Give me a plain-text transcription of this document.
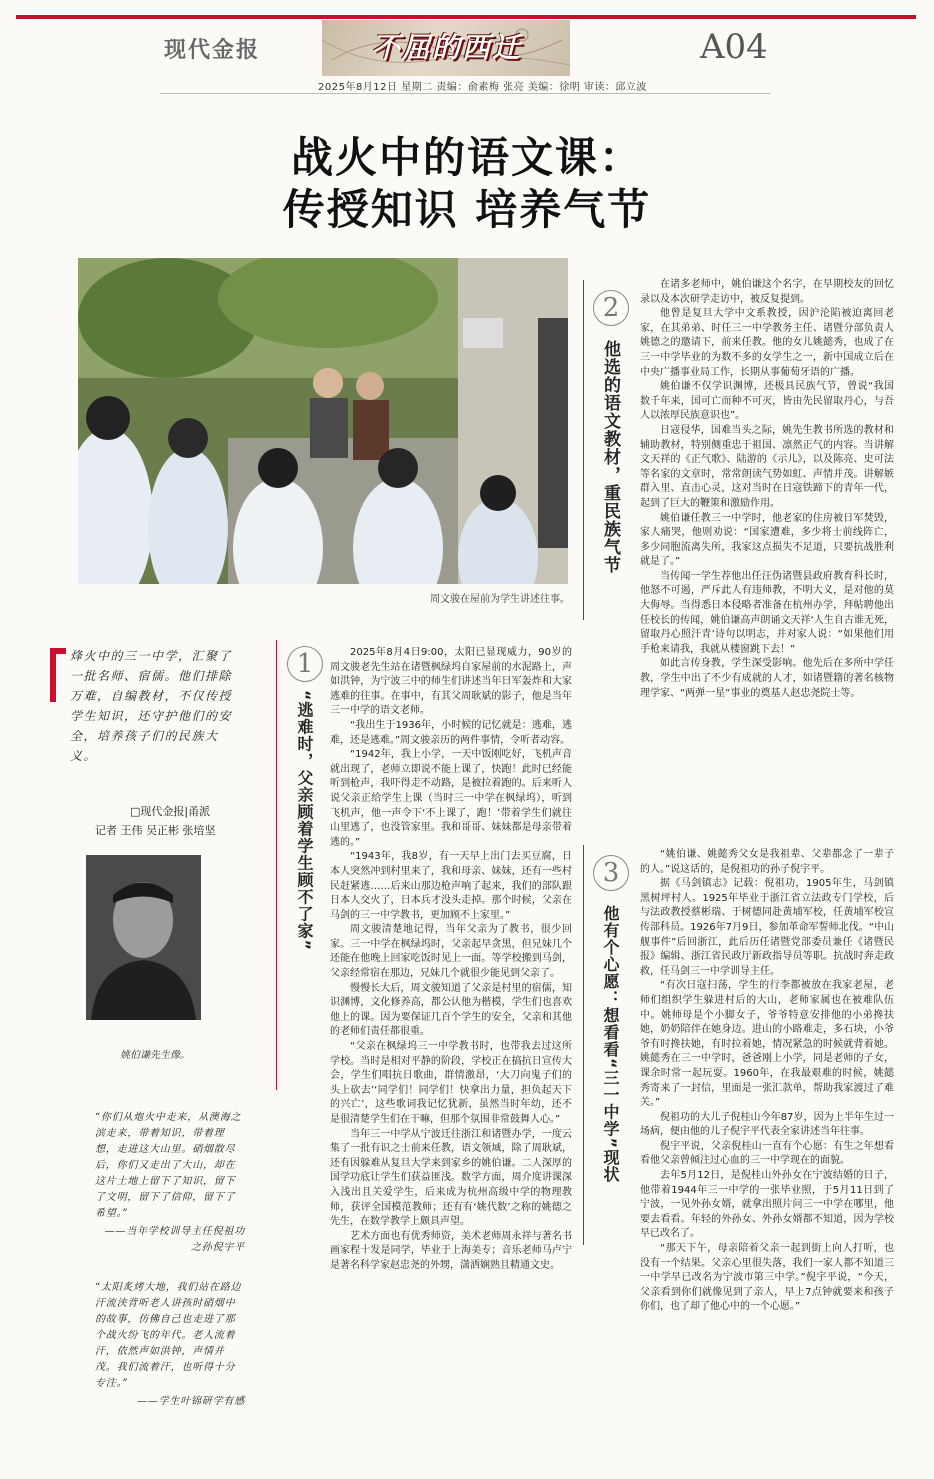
现代金报	不屈的西迁	A04
2025年8月12日 星期二 责编：俞素梅 张亮 美编：徐明 审读：邱立波
战火中的语文课：
传授知识 培养气节
周文骏在屋前为学生讲述往事。
烽火中的三一中学，汇聚了一批名师、宿儒。他们排除万难，自编教材，不仅传授学生知识，还守护他们的安全，培养孩子们的民族大义。
□现代金报|甬派
记者 王伟 吴正彬 张培坚
姚伯谦先生像。

“你们从炮火中走来，从澳海之滨走来，带着知识，带着理想，走进这大山里。硝烟散尽后，你们又走出了大山，却在这片土地上留下了知识，留下了文明，留下了信仰，留下了希望。”

——当年学校训导主任倪祖功之孙倪宇平

“太阳炙烤大地，我们站在路边汗流浃背听老人讲孩时硝烟中的故事，仿佛自己也走进了那个战火纷飞的年代。老人流着汗，依然声如洪钟，声情并茂。我们流着汗，也听得十分专注。”

——学生叶锦研学有感

1
“逃难时，父亲顾着学生顾不了家”

2025年8月4日9:00，太阳已显现威力，90岁的周文骏老先生站在诸暨枫绿坞自家屋前的水泥路上，声如洪钟，为宁波三中的师生们讲述当年日军轰炸和大家逃难的往事。在事中，有其父周耿斌的影子，他是当年三一中学的语文老师。

“我出生于1936年，小时候的记忆就是：逃难，逃难，还是逃难。”周文骏亲历的两件事情，令听者动容。

“1942年，我上小学，一天中饭刚吃好，飞机声音就出现了，老师立即说不能上课了，快跑！此时已经能听到枪声，我吓得走不动路，是被拉着跑的。后来听人说父亲正给学生上课（当时三一中学在枫绿坞），听到飞机声，他一声令下‘不上课了，跑！’带着学生们就往山里逃了，也没管家里。我和哥哥、妹妹都是母亲带着逃的。”

“1943年，我8岁，有一天早上出门去买豆腐，日本人突然冲到村里来了，我和母亲、妹妹，还有一些村民赶紧逃……后来山那边枪声响了起来，我们的部队跟日本人交火了，日本兵才没头走掉。那个时候，父亲在马剑的三一中学教书，更加顾不上家里。”

周文骏清楚地记得，当年父亲为了教书，很少回家。三一中学在枫绿坞时，父亲起早贪黑，但兄妹几个还能在他晚上回家吃饭时见上一面。等学校搬到马剑，父亲经常宿在那边，兄妹几个就很少能见到父亲了。

慢慢长大后，周文骏知道了父亲是村里的宿儒，知识渊博，文化修养高，都公认他为楷模，学生们也喜欢他上的课。因为要保证几百个学生的安全，父亲和其他的老师们责任都很重。

“父亲在枫绿坞三一中学教书时，也带我去过这所学校。当时是相对平静的阶段，学校正在搞抗日宣传大会，学生们唱抗日歌曲，群情激昂，‘大刀向鬼子们的头上砍去’‘同学们！同学们！快拿出力量，担负起天下的兴亡’，这些歌词我记忆犹新，虽然当时年幼，还不是很清楚学生们在干嘛，但那个氛围非常鼓舞人心。”

当年三一中学从宁波迁往浙江和诸暨办学，一度云集了一批有识之士前来任教，语文领域，除了周耿斌，还有因躲难从复旦大学来到家乡的姚伯谦。二人深厚的国学功底让学生们获益匪浅。数学方面，周介度讲课深入浅出且关爱学生，后来成为杭州高级中学的物理教师，获评全国模范教师；还有有‘姚代数’之称的姚德之先生，在数学教学上颇具声望。

艺术方面也有优秀师资，美术老师周永祥与著名书画家程十发是同学，毕业于上海美专；音乐老师马卢宁是著名科学家赵忠尧的外甥，潇洒娴熟且精通文史。

2
他选的语文教材，重民族气节

在诸多老师中，姚伯谦这个名字，在早期校友的回忆录以及本次研学走访中，被反复提到。

他曾是复旦大学中文系教授，因沪沦陷被迫离回老家，在其弟弟、时任三一中学教务主任、诸暨分部负责人姚德之的邀请下，前来任教。他的女儿姚懿秀，也成了在三一中学毕业的为数不多的女学生之一，新中国成立后在中央广播事业局工作，长期从事葡萄牙语的广播。

姚伯谦不仅学识渊博，还极具民族气节，曾说“我国数千年来，国可亡而种不可灭，皆由先民留取丹心，与吾人以浓厚民族意识也”。

日寇侵华，国难当头之际，姚先生教书所选的教材和辅助教材，特别侧重忠于祖国、凛然正气的内容。当讲解文天祥的《正气歌》、陆游的《示儿》，以及陈亮、史可法等名家的文章时，常常朗读气势如虹、声情并茂。讲解嫉群入里、直击心灵，这对当时在日寇铁蹄下的青年一代，起到了巨大的鞭策和激励作用。

姚伯谦任教三一中学时，他老家的住房被日军焚毁，家人痛哭，他则劝说：“国家遭难，多少将士前线阵亡，多少同胞流离失所，我家这点损失不足道，只要抗战胜利就是了。”

当传闻一学生荐他出任汪伪诸暨县政府教育科长时，他怒不可遏，严斥此人有违师教，不明大义，是对他的莫大侮辱。当得悉日本侵略者准备在杭州办学，拜帖聘他出任校长的传闻，姚伯谦高声朗诵文天祥‘人生自古谁无死，留取丹心照汗青’诗句以明志，并对家人说：“如果他们用手枪来请我，我就从楼窗跳下去！”

如此言传身教，学生深受影响。他先后在多所中学任教，学生中出了不少有成就的人才，如诸暨籍的著名核物理学家、“两弹一星”事业的奠基人赵忠尧院士等。

3
他有个心愿：想看看“三一中学”现状

“姚伯谦、姚懿秀父女是我祖辈、父辈都念了一辈子的人。”说这话的，是倪祖功的孙子倪宇平。

据《马剑镇志》记载：倪祖功，1905年生，马剑镇黑树坪村人。1925年毕业于浙江省立法政专门学校，后与法政教授蔡彬瑞、于树德同赴黄埔军校，任黄埔军校宣传部科员。1926年7月9日，参加革命军誓师北伐。“中山舰事件”后回浙江，此后历任诸暨党部委员兼任《诸暨民报》编辑、浙江省民政厅新政指导员等职。抗战时奔走政救，任马剑三一中学训导主任。

“有次日寇扫荡，学生的行李都被放在我家老屋，老师们组织学生躲进村后的大山，老师家属也在被难队伍中。姚师母是个小脚女子，爷爷特意安排他的小弟搀扶她，奶奶陪伴在她身边。进山的小路难走，多石块，小爷爷有时搀扶她，有时拉着她，情况紧急的时候就背着她。姚懿秀在三一中学时，爸爸刚上小学，同是老师的子女，课余时常一起玩耍。1960年，在我最艰难的时候，姚懿秀寄来了一封信，里面是一张汇款单，帮助我家渡过了难关。”

倪祖功的大儿子倪桂山今年87岁，因为上半年生过一场病，便由他的儿子倪宇平代表全家讲述当年往事。

倪宇平说，父亲倪桂山一直有个心愿：有生之年想看看他父亲曾倾注过心血的三一中学现在的面貌。

去年5月12日，是倪桂山外孙女在宁波结婚的日子，他带着1944年三一中学的一张毕业照，于5月11日到了宁波，一见外孙女婿，就拿出照片问三一中学在哪里，他要去看看。年轻的外孙女、外孙女婿都不知道，因为学校早已改名了。

“那天下午，母亲陪着父亲一起到街上向人打听，也没有一个结果。父亲心里很失落，我们一家人都不知道三一中学早已改名为宁波市第三中学。”倪宇平说，“今天，父亲看到你们就像见到了亲人，早上7点钟就要来和孩子你们，也了却了他心中的一个心愿。”
